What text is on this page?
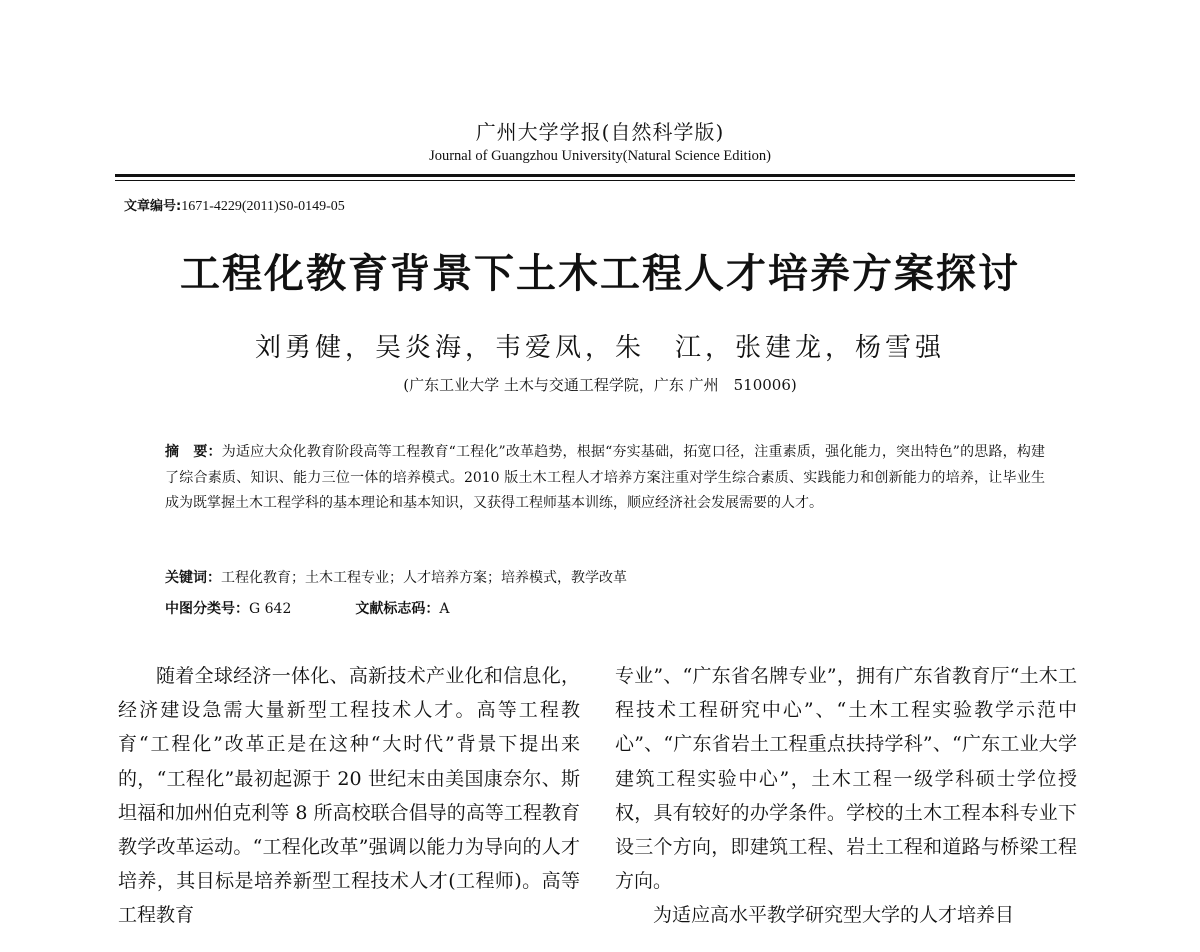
广州大学学报(自然科学版)
Journal of Guangzhou University(Natural Science Edition)
文章编号:1671-4229(2011)S0-0149-05
工程化教育背景下土木工程人才培养方案探讨
刘勇健，吴炎海，韦爱凤，朱　江，张建龙，杨雪强
(广东工业大学 土木与交通工程学院，广东 广州　510006)
摘　要：为适应大众化教育阶段高等工程教育“工程化”改革趋势，根据“夯实基础，拓宽口径，注重素质，强化能力，突出特色”的思路，构建了综合素质、知识、能力三位一体的培养模式。2010 版土木工程人才培养方案注重对学生综合素质、实践能力和创新能力的培养，让毕业生成为既掌握土木工程学科的基本理论和基本知识，又获得工程师基本训练，顺应经济社会发展需要的人才。
关键词：工程化教育；土木工程专业；人才培养方案；培养模式，教学改革
中图分类号：G 642	文献标志码：A

随着全球经济一体化、高新技术产业化和信息化，经济建设急需大量新型工程技术人才。高等工程教育“工程化”改革正是在这种“大时代”背景下提出来的，“工程化”最初起源于 20 世纪末由美国康奈尔、斯坦福和加州伯克利等 8 所高校联合倡导的高等工程教育教学改革运动。“工程化改革”强调以能力为导向的人才培养，其目标是培养新型工程技术人才(工程师)。高等工程教育

专业”、“广东省名牌专业”，拥有广东省教育厅“土木工程技术工程研究中心”、“土木工程实验教学示范中心”、“广东省岩土工程重点扶持学科”、“广东工业大学建筑工程实验中心”，土木工程一级学科硕士学位授权，具有较好的办学条件。学校的土木工程本科专业下设三个方向，即建筑工程、岩土工程和道路与桥梁工程方向。

为适应高水平教学研究型大学的人才培养目
